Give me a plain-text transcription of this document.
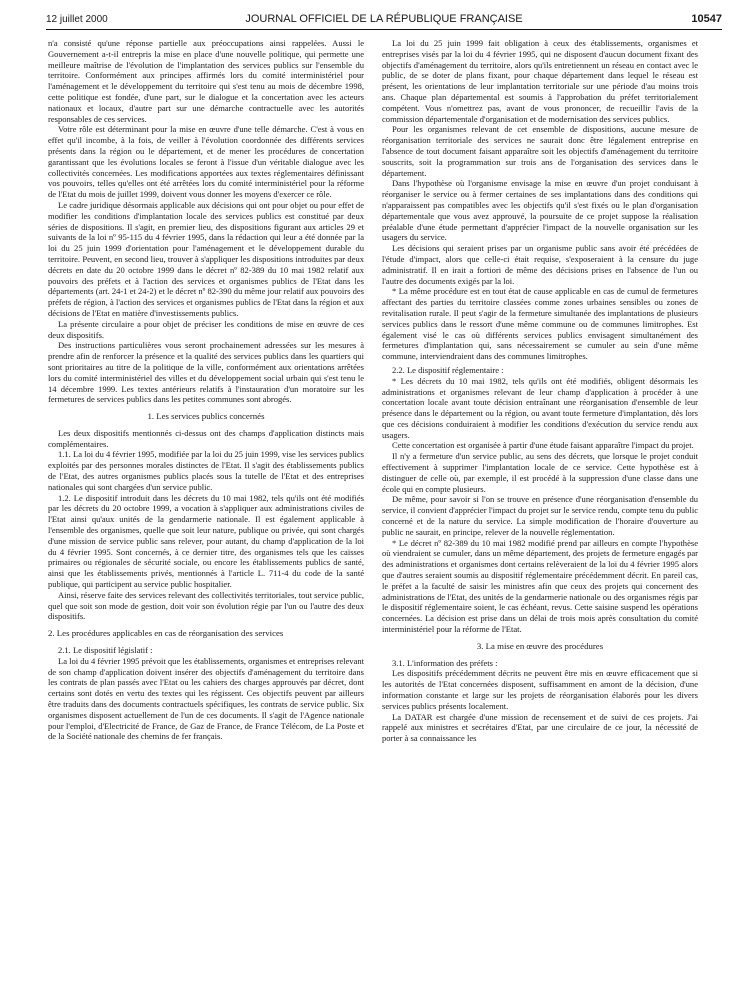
12 juillet 2000	JOURNAL OFFICIEL DE LA RÉPUBLIQUE FRANÇAISE	10547

n'a consisté qu'une réponse partielle aux préoccupations ainsi rappelées. Aussi le Gouvernement a-t-il entrepris la mise en place d'une nouvelle politique, qui permette une meilleure maîtrise de l'évolution de l'implantation des services publics sur l'ensemble du territoire. Conformément aux principes affirmés lors du comité interministériel pour l'aménagement et le développement du territoire qui s'est tenu au mois de décembre 1998, cette politique est fondée, d'une part, sur le dialogue et la concertation avec les acteurs nationaux et locaux, d'autre part sur une démarche contractuelle avec les autorités responsables de ces services.

Votre rôle est déterminant pour la mise en œuvre d'une telle démarche. C'est à vous en effet qu'il incombe, à la fois, de veiller à l'évolution coordonnée des différents services présents dans la région ou le département, et de mener les procédures de concertation garantissant que les évolutions locales se feront à l'issue d'un véritable dialogue avec les collectivités concernées. Les modifications apportées aux textes réglementaires définissant vos pouvoirs, telles qu'elles ont été arrêtées lors du comité interministériel pour la réforme de l'Etat du mois de juillet 1999, doivent vous donner les moyens d'exercer ce rôle.

Le cadre juridique désormais applicable aux décisions qui ont pour objet ou pour effet de modifier les conditions d'implantation locale des services publics est constitué par deux séries de dispositions. Il s'agit, en premier lieu, des dispositions figurant aux articles 29 et suivants de la loi nº 95-115 du 4 février 1995, dans la rédaction qui leur a été donnée par la loi du 25 juin 1999 d'orientation pour l'aménagement et le développement durable du territoire. Peuvent, en second lieu, trouver à s'appliquer les dispositions introduites par deux décrets en date du 20 octobre 1999 dans le décret nº 82-389 du 10 mai 1982 relatif aux pouvoirs des préfets et à l'action des services et organismes publics de l'Etat dans les départements (art. 24-1 et 24-2) et le décret nº 82-390 du même jour relatif aux pouvoirs des préfets de région, à l'action des services et organismes publics de l'Etat dans la région et aux décisions de l'Etat en matière d'investissements publics.

La présente circulaire a pour objet de préciser les conditions de mise en œuvre de ces deux dispositifs.

Des instructions particulières vous seront prochainement adressées sur les mesures à prendre afin de renforcer la présence et la qualité des services publics dans les quartiers qui sont prioritaires au titre de la politique de la ville, conformément aux orientations arrêtées lors du comité interministériel des villes et du développement social urbain qui s'est tenu le 14 décembre 1999. Les textes antérieurs relatifs à l'instauration d'un moratoire sur les fermetures de services publics dans les petites communes sont abrogés.

1. Les services publics concernés

Les deux dispositifs mentionnés ci-dessus ont des champs d'application distincts mais complémentaires.

1.1. La loi du 4 février 1995, modifiée par la loi du 25 juin 1999, vise les services publics exploités par des personnes morales distinctes de l'Etat. Il s'agit des établissements publics de l'Etat, des autres organismes publics placés sous la tutelle de l'Etat et des entreprises nationales qui sont chargées d'un service public.

1.2. Le dispositif introduit dans les décrets du 10 mai 1982, tels qu'ils ont été modifiés par les décrets du 20 octobre 1999, a vocation à s'appliquer aux administrations civiles de l'Etat ainsi qu'aux unités de la gendarmerie nationale. Il est également applicable à l'ensemble des organismes, quelle que soit leur nature, publique ou privée, qui sont chargés d'une mission de service public sans relever, pour autant, du champ d'application de la loi du 4 février 1995. Sont concernés, à ce dernier titre, des organismes tels que les caisses primaires ou régionales de sécurité sociale, ou encore les établissements publics de santé, ainsi que les établissements privés, mentionnés à l'article L. 711-4 du code de la santé publique, qui participent au service public hospitalier.

Ainsi, réserve faite des services relevant des collectivités territoriales, tout service public, quel que soit son mode de gestion, doit voir son évolution régie par l'un ou l'autre des deux dispositifs.

2. Les procédures applicables en cas de réorganisation des services

2.1. Le dispositif législatif :

La loi du 4 février 1995 prévoit que les établissements, organismes et entreprises relevant de son champ d'application doivent insérer des objectifs d'aménagement du territoire dans les contrats de plan passés avec l'Etat ou les cahiers des charges approuvés par décret, dont certains sont dotés en vertu des textes qui les régissent. Ces objectifs peuvent par ailleurs être traduits dans des documents contractuels spécifiques, les contrats de service public. Six organismes disposent actuellement de l'un de ces documents. Il s'agit de l'Agence nationale pour l'emploi, d'Electricité de France, de Gaz de France, de France Télécom, de La Poste et de la Société nationale des chemins de fer français.

La loi du 25 juin 1999 fait obligation à ceux des établissements, organismes et entreprises visés par la loi du 4 février 1995, qui ne disposent d'aucun document fixant des objectifs d'aménagement du territoire, alors qu'ils entretiennent un réseau en contact avec le public, de se doter de plans fixant, pour chaque département dans lequel le réseau est présent, les orientations de leur implantation territoriale sur une période d'au moins trois ans. Chaque plan départemental est soumis à l'approbation du préfet territorialement compétent. Vous n'omettrez pas, avant de vous prononcer, de recueillir l'avis de la commission départementale d'organisation et de modernisation des services publics.

Pour les organismes relevant de cet ensemble de dispositions, aucune mesure de réorganisation territoriale des services ne saurait donc être légalement entreprise en l'absence de tout document faisant apparaître soit les objectifs d'aménagement du territoire souscrits, soit la programmation sur trois ans de l'organisation des services dans le département.

Dans l'hypothèse où l'organisme envisage la mise en œuvre d'un projet conduisant à réorganiser le service ou à fermer certaines de ses implantations dans des conditions qui n'apparaissent pas compatibles avec les objectifs qu'il s'est fixés ou le plan d'organisation départementale que vous avez approuvé, la poursuite de ce projet suppose la réalisation préalable d'une étude permettant d'apprécier l'impact de la nouvelle organisation sur les usagers du service.

Les décisions qui seraient prises par un organisme public sans avoir été précédées de l'étude d'impact, alors que celle-ci était requise, s'exposeraient à la censure du juge administratif. Il en irait a fortiori de même des décisions prises en l'absence de l'un ou l'autre des documents exigés par la loi.

* La même procédure est en tout état de cause applicable en cas de cumul de fermetures affectant des parties du territoire classées comme zones urbaines sensibles ou zones de revitalisation rurale. Il peut s'agir de la fermeture simultanée des implantations de plusieurs services publics dans le ressort d'une même commune ou de communes limitrophes. Est également visé le cas où différents services publics envisagent simultanément des fermetures d'implantation qui, sans nécessairement se cumuler au sein d'une même commune, interviendraient dans des communes limitrophes.

2.2. Le dispositif réglementaire :

* Les décrets du 10 mai 1982, tels qu'ils ont été modifiés, obligent désormais les administrations et organismes relevant de leur champ d'application à procéder à une concertation locale avant toute décision entraînant une réorganisation d'ensemble de leur présence dans le département ou la région, ou avant toute fermeture d'implantation, dès lors que ces décisions conduiraient à modifier les conditions d'exécution du service rendu aux usagers.

Cette concertation est organisée à partir d'une étude faisant apparaître l'impact du projet.

Il n'y a fermeture d'un service public, au sens des décrets, que lorsque le projet conduit effectivement à supprimer l'implantation locale de ce service. Cette hypothèse est à distinguer de celle où, par exemple, il est procédé à la suppression d'une classe dans une école qui en compte plusieurs.

De même, pour savoir si l'on se trouve en présence d'une réorganisation d'ensemble du service, il convient d'apprécier l'impact du projet sur le service rendu, compte tenu du public concerné et de la nature du service. La simple modification de l'horaire d'ouverture au public ne saurait, en principe, relever de la nouvelle réglementation.

* Le décret nº 82-389 du 10 mai 1982 modifié prend par ailleurs en compte l'hypothèse où viendraient se cumuler, dans un même département, des projets de fermeture engagés par des administrations et organismes dont certains relèveraient de la loi du 4 février 1995 alors que d'autres seraient soumis au dispositif réglementaire précédemment décrit. En pareil cas, le préfet a la faculté de saisir les ministres afin que ceux des projets qui concernent des administrations de l'Etat, des unités de la gendarmerie nationale ou des organismes régis par le dispositif réglementaire soient, le cas échéant, revus. Cette saisine suspend les opérations concernées. La décision est prise dans un délai de trois mois après consultation du comité interministériel pour la réforme de l'Etat.

3. La mise en œuvre des procédures

3.1. L'information des préfets :

Les dispositifs précédemment décrits ne peuvent être mis en œuvre efficacement que si les autorités de l'Etat concernées disposent, suffisamment en amont de la décision, d'une information constante et large sur les projets de réorganisation élaborés pour les divers services publics présents localement.

La DATAR est chargée d'une mission de recensement et de suivi de ces projets. J'ai rappelé aux ministres et secrétaires d'Etat, par une circulaire de ce jour, la nécessité de porter à sa connaissance les
